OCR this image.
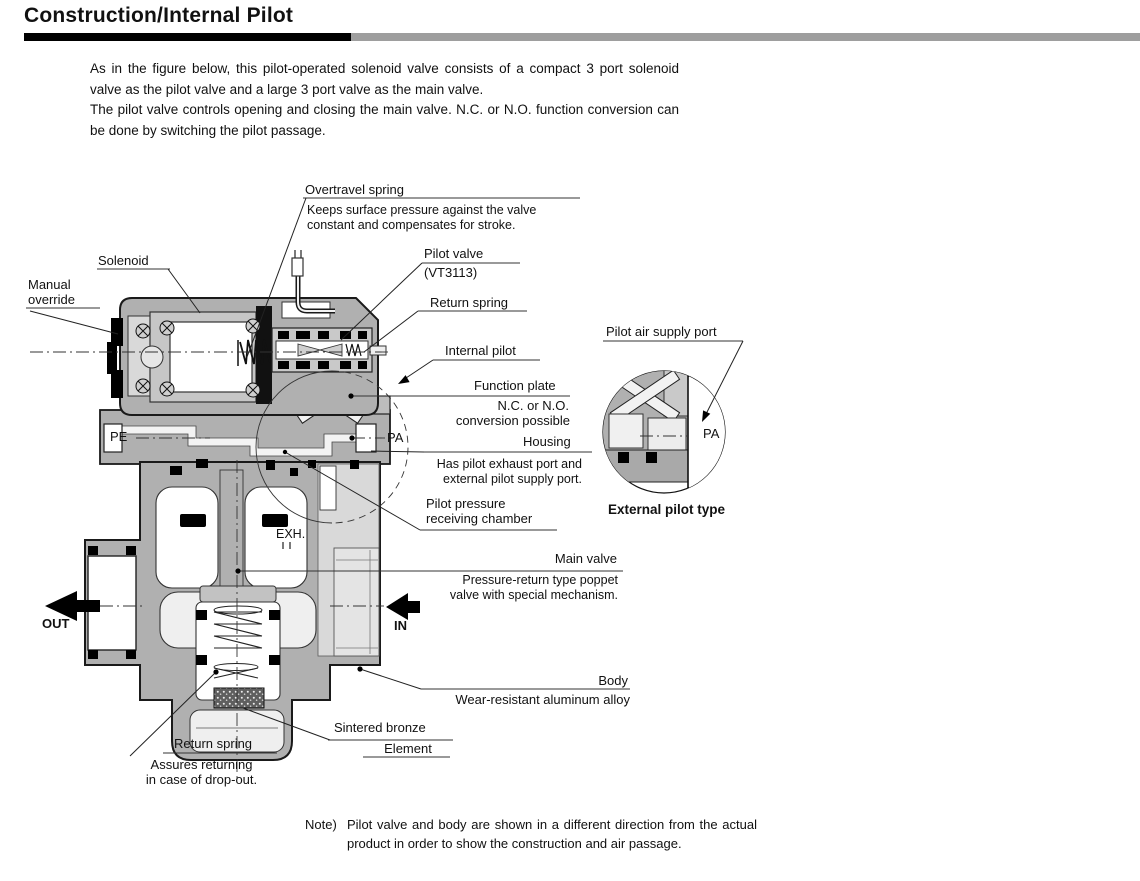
Construction/Internal Pilot

As in the figure below, this pilot-operated solenoid valve consists of a compact 3 port solenoid valve as the pilot valve and a large 3 port valve as the main valve.

The pilot valve controls opening and closing the main valve. N.C. or N.O. function conversion can be done by switching the pilot passage.

Overtravel spring
Keeps surface pressure against the valve
constant and compensates for stroke.
Solenoid
Manual
override
Pilot valve
(VT3113)
Return spring
Internal pilot
Function plate
N.C. or N.O.
conversion possible
Housing
Has pilot exhaust port and
external pilot supply port.
Pilot pressure
receiving chamber
Pilot air supply port
External pilot type
Main valve
Pressure-return type poppet
valve with special mechanism.
Body
Wear-resistant aluminum alloy
Sintered bronze
Element
Return spring
Assures returning
in case of drop-out.
PE	PA	PA
EXH.
OUT	IN
Note) Pilot valve and body are shown in a different direction from the actual product in order to show the construction and air passage.
